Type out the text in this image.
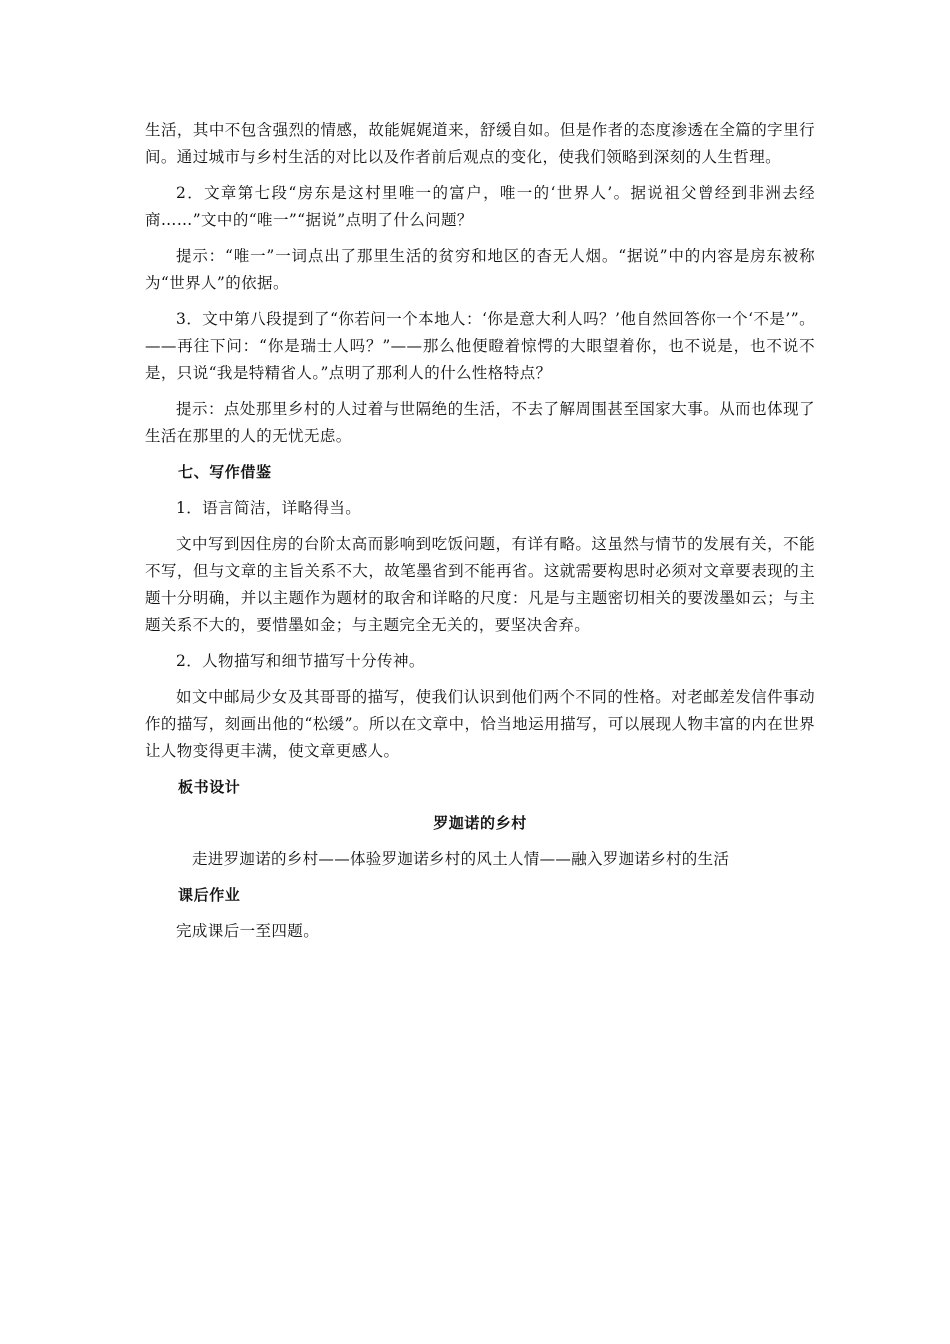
生活，其中不包含强烈的情感，故能娓娓道来，舒缓自如。但是作者的态度渗透在全篇的字里行间。通过城市与乡村生活的对比以及作者前后观点的变化，使我们领略到深刻的人生哲理。

2．文章第七段“房东是这村里唯一的富户，唯一的‘世界人’。据说祖父曾经到非洲去经商……”文中的“唯一”“据说”点明了什么问题？

提示：“唯一”一词点出了那里生活的贫穷和地区的杳无人烟。“据说”中的内容是房东被称为“世界人”的依据。

3．文中第八段提到了“你若问一个本地人：‘你是意大利人吗？’他自然回答你一个‘不是’”。——再往下问：“你是瑞士人吗？”——那么他便瞪着惊愕的大眼望着你，也不说是，也不说不是，只说“我是特精省人。”点明了那利人的什么性格特点？

提示：点处那里乡村的人过着与世隔绝的生活，不去了解周围甚至国家大事。从而也体现了生活在那里的人的无忧无虑。

七、写作借鉴

1．语言简洁，详略得当。

文中写到因住房的台阶太高而影响到吃饭问题，有详有略。这虽然与情节的发展有关，不能不写，但与文章的主旨关系不大，故笔墨省到不能再省。这就需要构思时必须对文章要表现的主题十分明确，并以主题作为题材的取舍和详略的尺度：凡是与主题密切相关的要泼墨如云；与主题关系不大的，要惜墨如金；与主题完全无关的，要坚决舍弃。

2．人物描写和细节描写十分传神。

如文中邮局少女及其哥哥的描写，使我们认识到他们两个不同的性格。对老邮差发信件事动作的描写，刻画出他的“松缓”。所以在文章中，恰当地运用描写，可以展现人物丰富的内在世界让人物变得更丰满，使文章更感人。

板书设计
罗迦诺的乡村
走进罗迦诺的乡村——体验罗迦诺乡村的风土人情——融入罗迦诺乡村的生活
课后作业

完成课后一至四题。
